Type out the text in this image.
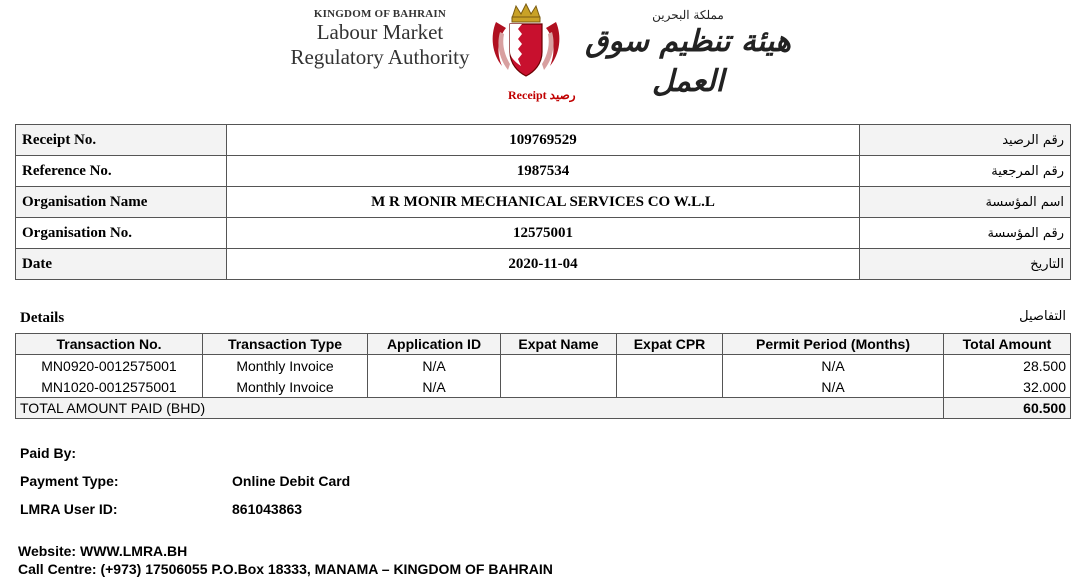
KINGDOM OF BAHRAIN
Labour Market
Regulatory Authority
مملكة البحرين
هيئة تنظيم سوق العمل
Receipt رصيد
Receipt No.	109769529	رقم الرصيد
Reference No.	1987534	رقم المرجعية
Organisation Name	M R MONIR MECHANICAL SERVICES CO W.L.L	اسم المؤسسة
Organisation No.	12575001	رقم المؤسسة
Date	2020-11-04	التاريخ
Details	التفاصيل
Transaction No.	Transaction Type	Application ID	Expat Name	Expat CPR	Permit Period (Months)	Total Amount
MN0920-0012575001	Monthly Invoice	N/A			N/A	28.500
MN1020-0012575001	Monthly Invoice	N/A			N/A	32.000
TOTAL AMOUNT PAID (BHD)						60.500
Paid By:
Payment Type:	Online Debit Card
LMRA User ID:	861043863
Website: WWW.LMRA.BH
Call Centre: (+973) 17506055 P.O.Box 18333, MANAMA – KINGDOM OF BAHRAIN
